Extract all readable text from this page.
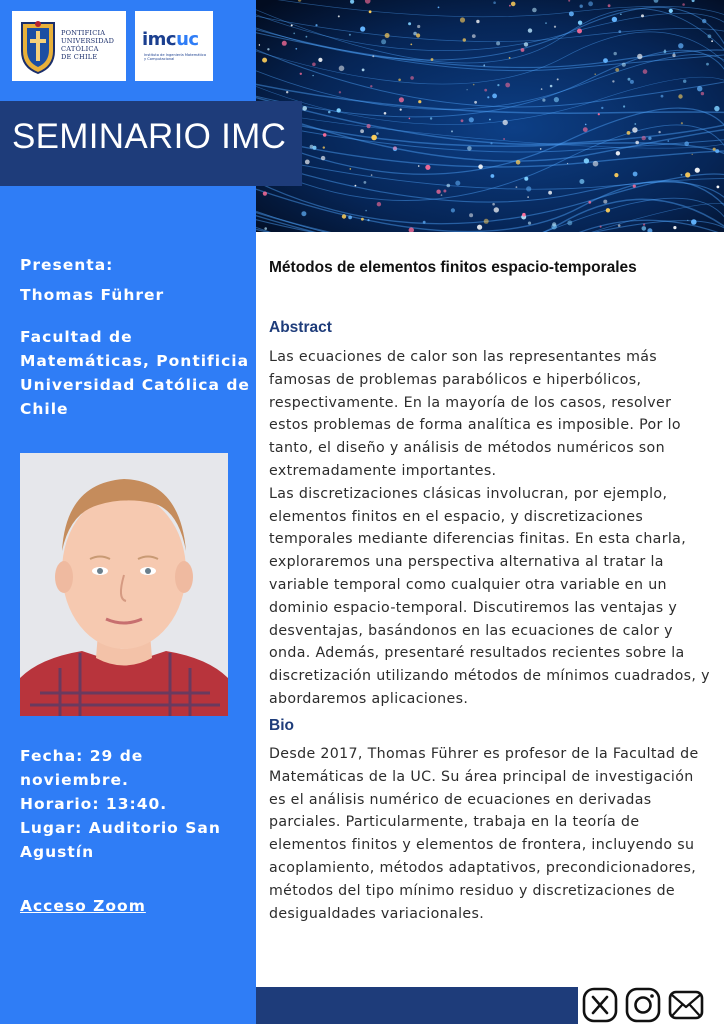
PONTIFICIA
UNIVERSIDAD
CATÓLICA
DE CHILE
imcuc
Instituto de Ingeniería Matemática y Computacional
SEMINARIO IMC
Presenta:
Thomas Führer
Facultad de Matemáticas, Pontificia Universidad Católica de Chile
Fecha: 29 de noviembre.
Horario: 13:40.
Lugar: Auditorio San Agustín
Acceso Zoom
Métodos de elementos finitos espacio-temporales
Abstract

Las ecuaciones de calor son las representantes más famosas de problemas parabólicos e hiperbólicos, respectivamente. En la mayoría de los casos, resolver estos problemas de forma analítica es imposible. Por lo tanto, el diseño y análisis de métodos numéricos son extremadamente importantes.

Las discretizaciones clásicas involucran, por ejemplo, elementos finitos en el espacio, y discretizaciones temporales mediante diferencias finitas. En esta charla, exploraremos una perspectiva alternativa al tratar la variable temporal como cualquier otra variable en un dominio espacio-temporal. Discutiremos las ventajas y desventajas, basándonos en las ecuaciones de calor y onda. Además, presentaré resultados recientes sobre la discretización utilizando métodos de mínimos cuadrados, y abordaremos aplicaciones.

Bio
Desde 2017, Thomas Führer es profesor de la Facultad de Matemáticas de la UC. Su área principal de investigación es el análisis numérico de ecuaciones en derivadas parciales. Particularmente, trabaja en la teoría de elementos finitos y elementos de frontera, incluyendo su acoplamiento, métodos adaptativos, precondicionadores, métodos del tipo mínimo residuo y discretizaciones de desigualdades variacionales.
